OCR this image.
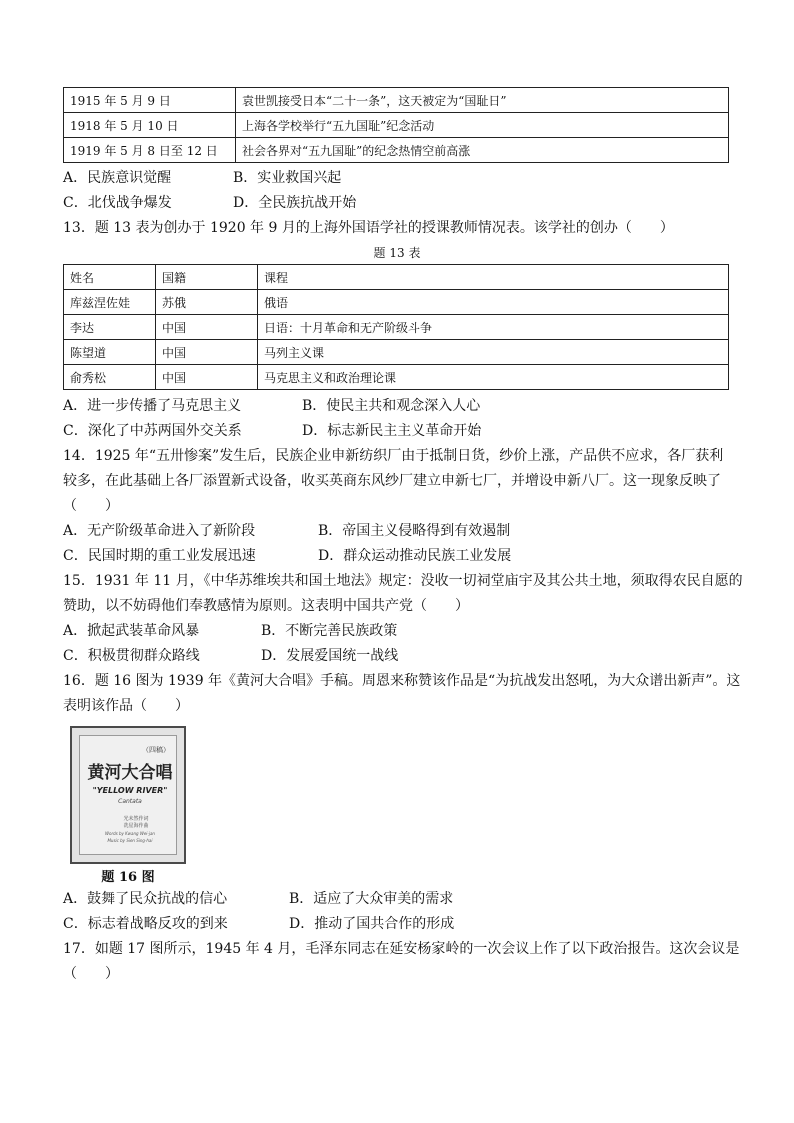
1915 年 5 月 9 日	袁世凯接受日本“二十一条”，这天被定为“国耻日”
1918 年 5 月 10 日	上海各学校举行“五九国耻”纪念活动
1919 年 5 月 8 日至 12 日	社会各界对“五九国耻”的纪念热情空前高涨
A．民族意识觉醒	B．实业救国兴起
C．北伐战争爆发	D．全民族抗战开始
13．题 13 表为创办于 1920 年 9 月的上海外国语学社的授课教师情况表。该学社的创办（　　）
题 13 表
姓名	国籍	课程
库兹涅佐娃	苏俄	俄语
李达	中国	日语：十月革命和无产阶级斗争
陈望道	中国	马列主义课
俞秀松	中国	马克思主义和政治理论课
A．进一步传播了马克思主义	B．使民主共和观念深入人心
C．深化了中苏两国外交关系	D．标志新民主主义革命开始
14．1925 年“五卅惨案”发生后，民族企业申新纺织厂由于抵制日货，纱价上涨，产品供不应求，各厂获利
较多，在此基础上各厂添置新式设备，收买英商东风纱厂建立申新七厂，并增设申新八厂。这一现象反映了
（　　）
A．无产阶级革命进入了新阶段	B．帝国主义侵略得到有效遏制
C．民国时期的重工业发展迅速	D．群众运动推动民族工业发展
15．1931 年 11 月，《中华苏维埃共和国土地法》规定：没收一切祠堂庙宇及其公共土地，须取得农民自愿的
赞助，以不妨碍他们奉教感情为原则。这表明中国共产党（　　）
A．掀起武装革命风暴	B．不断完善民族政策
C．积极贯彻群众路线	D．发展爱国统一战线
16．题 16 图为 1939 年《黄河大合唱》手稿。周恩来称赞该作品是“为抗战发出怒吼，为大众谱出新声”。这
表明该作品（　　）
（四稿）
黄河大合唱
"YELLOW RIVER"
Cantata
光未然作词
冼星海作曲
Words by Kwang Wei-jan
Music by Sien Sing-hai
题 16 图
A．鼓舞了民众抗战的信心	B．适应了大众审美的需求
C．标志着战略反攻的到来	D．推动了国共合作的形成
17．如题 17 图所示，1945 年 4 月，毛泽东同志在延安杨家岭的一次会议上作了以下政治报告。这次会议是
（　　）
